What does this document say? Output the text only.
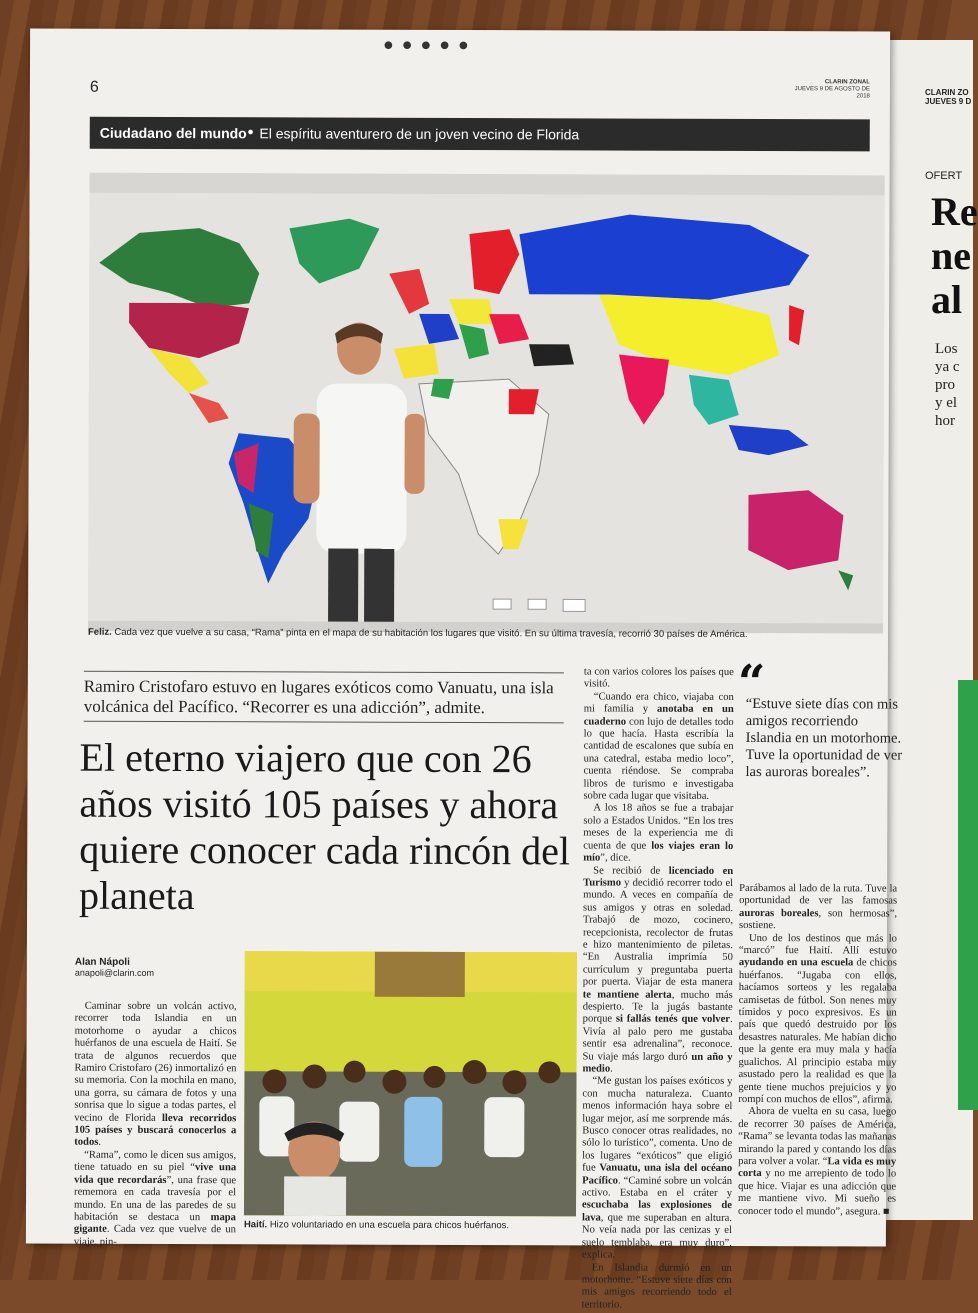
CLARIN ZO
JUEVES 9 D
OFERT
Re
ne
al
Los
ya c
pro
y el
hor
●●●●●
6	CLARIN ZONAL
JUEVES 9 DE AGOSTO DE 2018
Ciudadano del mundo • El espíritu aventurero de un joven vecino de Florida
Feliz. Cada vez que vuelve a su casa, “Rama” pinta en el mapa de su habitación los lugares que visitó. En su última travesía, recorrió 30 países de América.
Ramiro Cristofaro estuvo en lugares exóticos como Vanuatu, una isla volcánica del Pacífico. “Recorrer es una adicción”, admite.
El eterno viajero que con 26 años visitó 105 países y ahora quiere conocer cada rincón del planeta
Alan Nápoli
anapoli@clarin.com

Caminar sobre un volcán activo, recorrer toda Islandia en un motorhome o ayudar a chicos huérfanos de una escuela de Haití. Se trata de algunos recuerdos que Ramiro Cristofaro (26) inmortalizó en su memoria. Con la mochila en mano, una gorra, su cámara de fotos y una sonrisa que lo sigue a todas partes, el vecino de Florida lleva recorridos 105 países y buscará conocerlos a todos.

“Rama”, como le dicen sus amigos, tiene tatuado en su piel “vive una vida que recordarás”, una frase que rememora en cada travesía por el mundo. En una de las paredes de su habitación se destaca un mapa gigante. Cada vez que vuelve de un viaje, pin-

Haití. Hizo voluntariado en una escuela para chicos huérfanos.

ta con varios colores los países que visitó.

“Cuando era chico, viajaba con mi familia y anotaba en un cuaderno con lujo de detalles todo lo que hacía. Hasta escribía la cantidad de escalones que subía en una catedral, estaba medio loco”, cuenta riéndose. Se compraba libros de turismo e investigaba sobre cada lugar que visitaba.

A los 18 años se fue a trabajar solo a Estados Unidos. “En los tres meses de la experiencia me di cuenta de que los viajes eran lo mío”, dice.

Se recibió de licenciado en Turismo y decidió recorrer todo el mundo. A veces en compañía de sus amigos y otras en soledad. Trabajó de mozo, cocinero, recepcionista, recolector de frutas e hizo mantenimiento de piletas. “En Australia imprimía 50 currículum y preguntaba puerta por puerta. Viajar de esta manera te mantiene alerta, mucho más despierto. Te la jugás bastante porque si fallás tenés que volver. Vivía al palo pero me gustaba sentir esa adrenalina”, reconoce. Su viaje más largo duró un año y medio.

“Me gustan los países exóticos y con mucha naturaleza. Cuanto menos información haya sobre el lugar mejor, así me sorprende más. Busco conocer otras realidades, no sólo lo turístico”, comenta. Uno de los lugares “exóticos” que eligió fue Vanuatu, una isla del océano Pacífico. “Caminé sobre un volcán activo. Estaba en el cráter y escuchaba las explosiones de lava, que me superaban en altura. No veía nada por las cenizas y el suelo temblaba, era muy duro”, explica.

En Islandia durmió en un motorhome. “Estuve siete días con mis amigos recorriendo todo el territorio.

“
“Estuve siete días con mis amigos recorriendo Islandia en un motorhome. Tuve la oportunidad de ver las auroras boreales”.

Parábamos al lado de la ruta. Tuve la oportunidad de ver las famosas auroras boreales, son hermosas”, sostiene.

Uno de los destinos que más lo “marcó” fue Haití. Allí estuvo ayudando en una escuela de chicos huérfanos. “Jugaba con ellos, hacíamos sorteos y les regalaba camisetas de fútbol. Son nenes muy tímidos y poco expresivos. Es un país que quedó destruido por los desastres naturales. Me habían dicho que la gente era muy mala y hacía gualichos. Al principio estaba muy asustado pero la realidad es que la gente tiene muchos prejuicios y yo rompí con muchos de ellos”, afirma.

Ahora de vuelta en su casa, luego de recorrer 30 países de América, “Rama” se levanta todas las mañanas mirando la pared y contando los días para volver a volar. “La vida es muy corta y no me arrepiento de todo lo que hice. Viajar es una adicción que me mantiene vivo. Mi sueño es conocer todo el mundo”, asegura. ■
